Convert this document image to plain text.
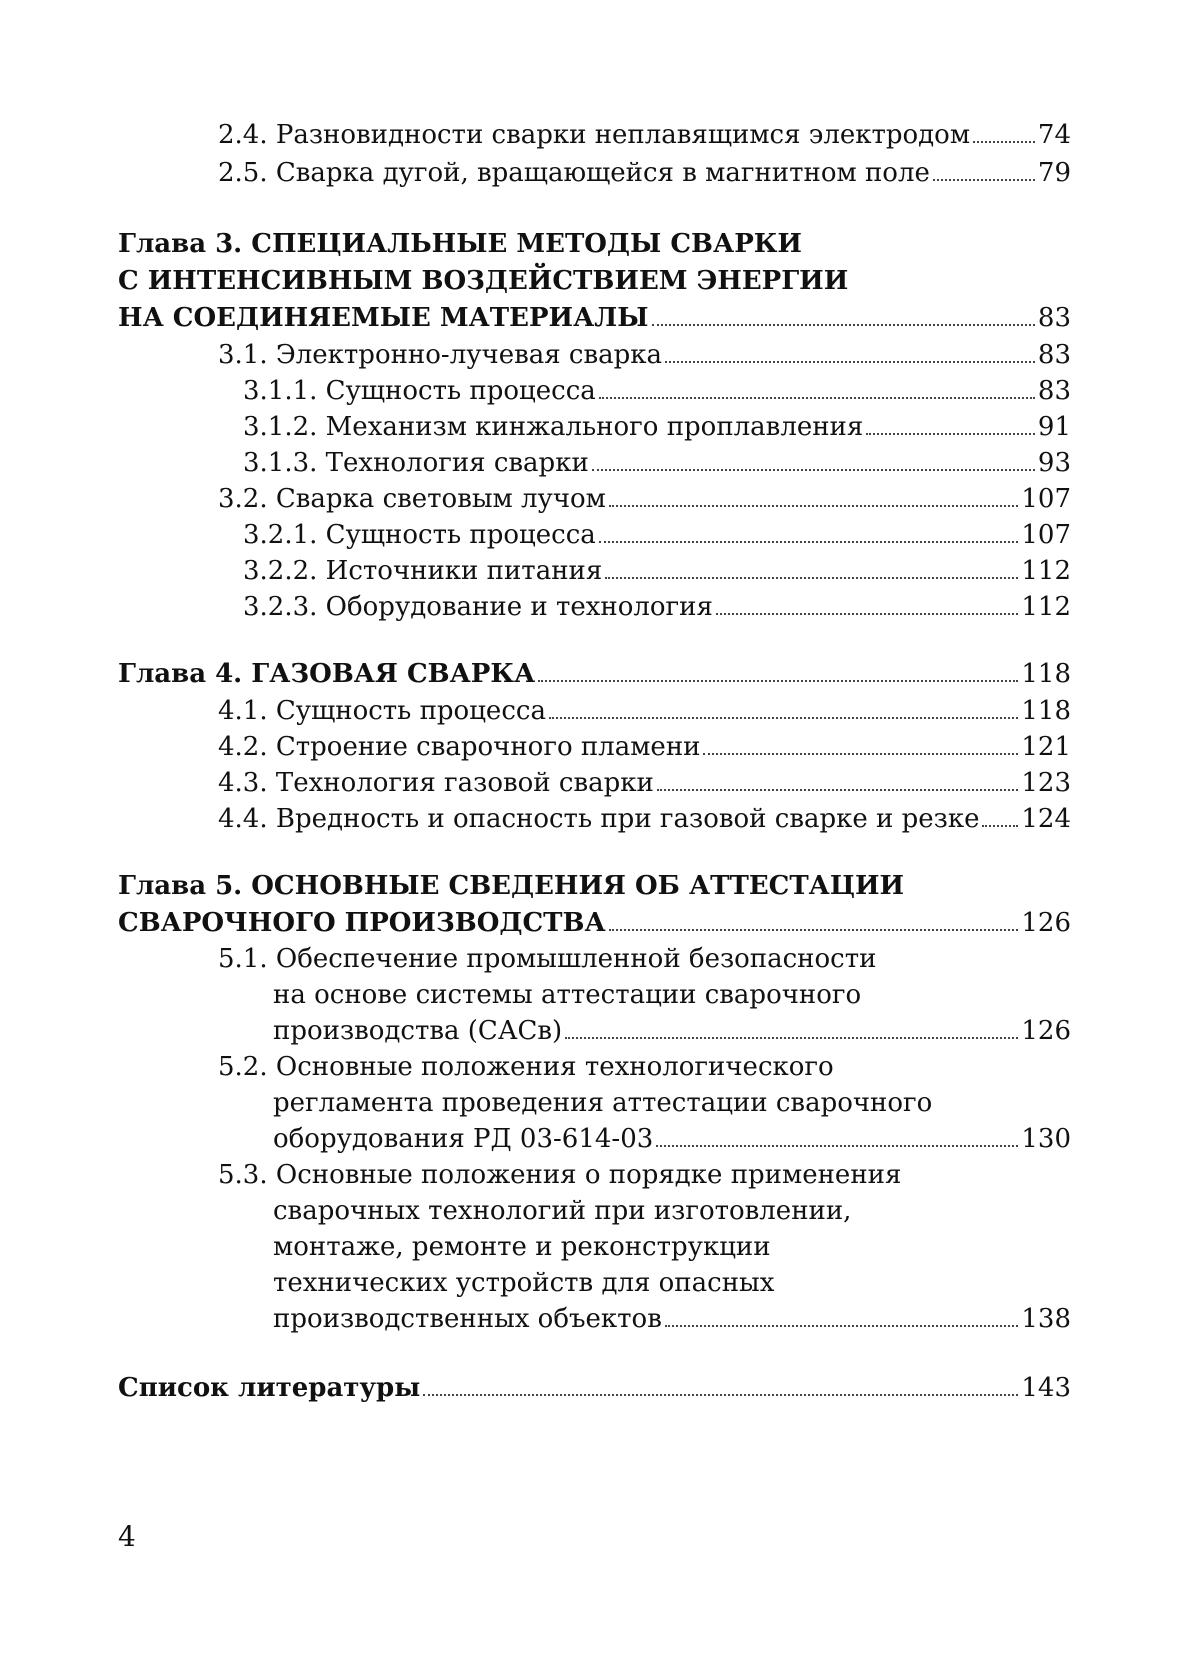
2.4. Разновидности сварки неплавящимся электродом	74
2.5. Сварка дугой, вращающейся в магнитном поле	79
Глава 3. СПЕЦИАЛЬНЫЕ МЕТОДЫ СВАРКИ
С ИНТЕНСИВНЫМ ВОЗДЕЙСТВИЕМ ЭНЕРГИИ
НА СОЕДИНЯЕМЫЕ МАТЕРИАЛЫ	83
3.1. Электронно-лучевая сварка	83
3.1.1. Сущность процесса	83
3.1.2. Механизм кинжального проплавления	91
3.1.3. Технология сварки	93
3.2. Сварка световым лучом	107
3.2.1. Сущность процесса	107
3.2.2. Источники питания	112
3.2.3. Оборудование и технология	112
Глава 4. ГАЗОВАЯ СВАРКА	118
4.1. Сущность процесса	118
4.2. Строение сварочного пламени	121
4.3. Технология газовой сварки	123
4.4. Вредность и опасность при газовой сварке и резке 124
Глава 5. ОСНОВНЫЕ СВЕДЕНИЯ ОБ АТТЕСТАЦИИ
СВАРОЧНОГО ПРОИЗВОДСТВА	126
5.1. Обеспечение промышленной безопасности
на основе системы аттестации сварочного
производства (САСв)	126
5.2. Основные положения технологического
регламента проведения аттестации сварочного
оборудования РД 03-614-03	130
5.3. Основные положения о порядке применения
сварочных технологий при изготовлении,
монтаже, ремонте и реконструкции
технических устройств для опасных
производственных объектов	138
Список литературы	143
4
